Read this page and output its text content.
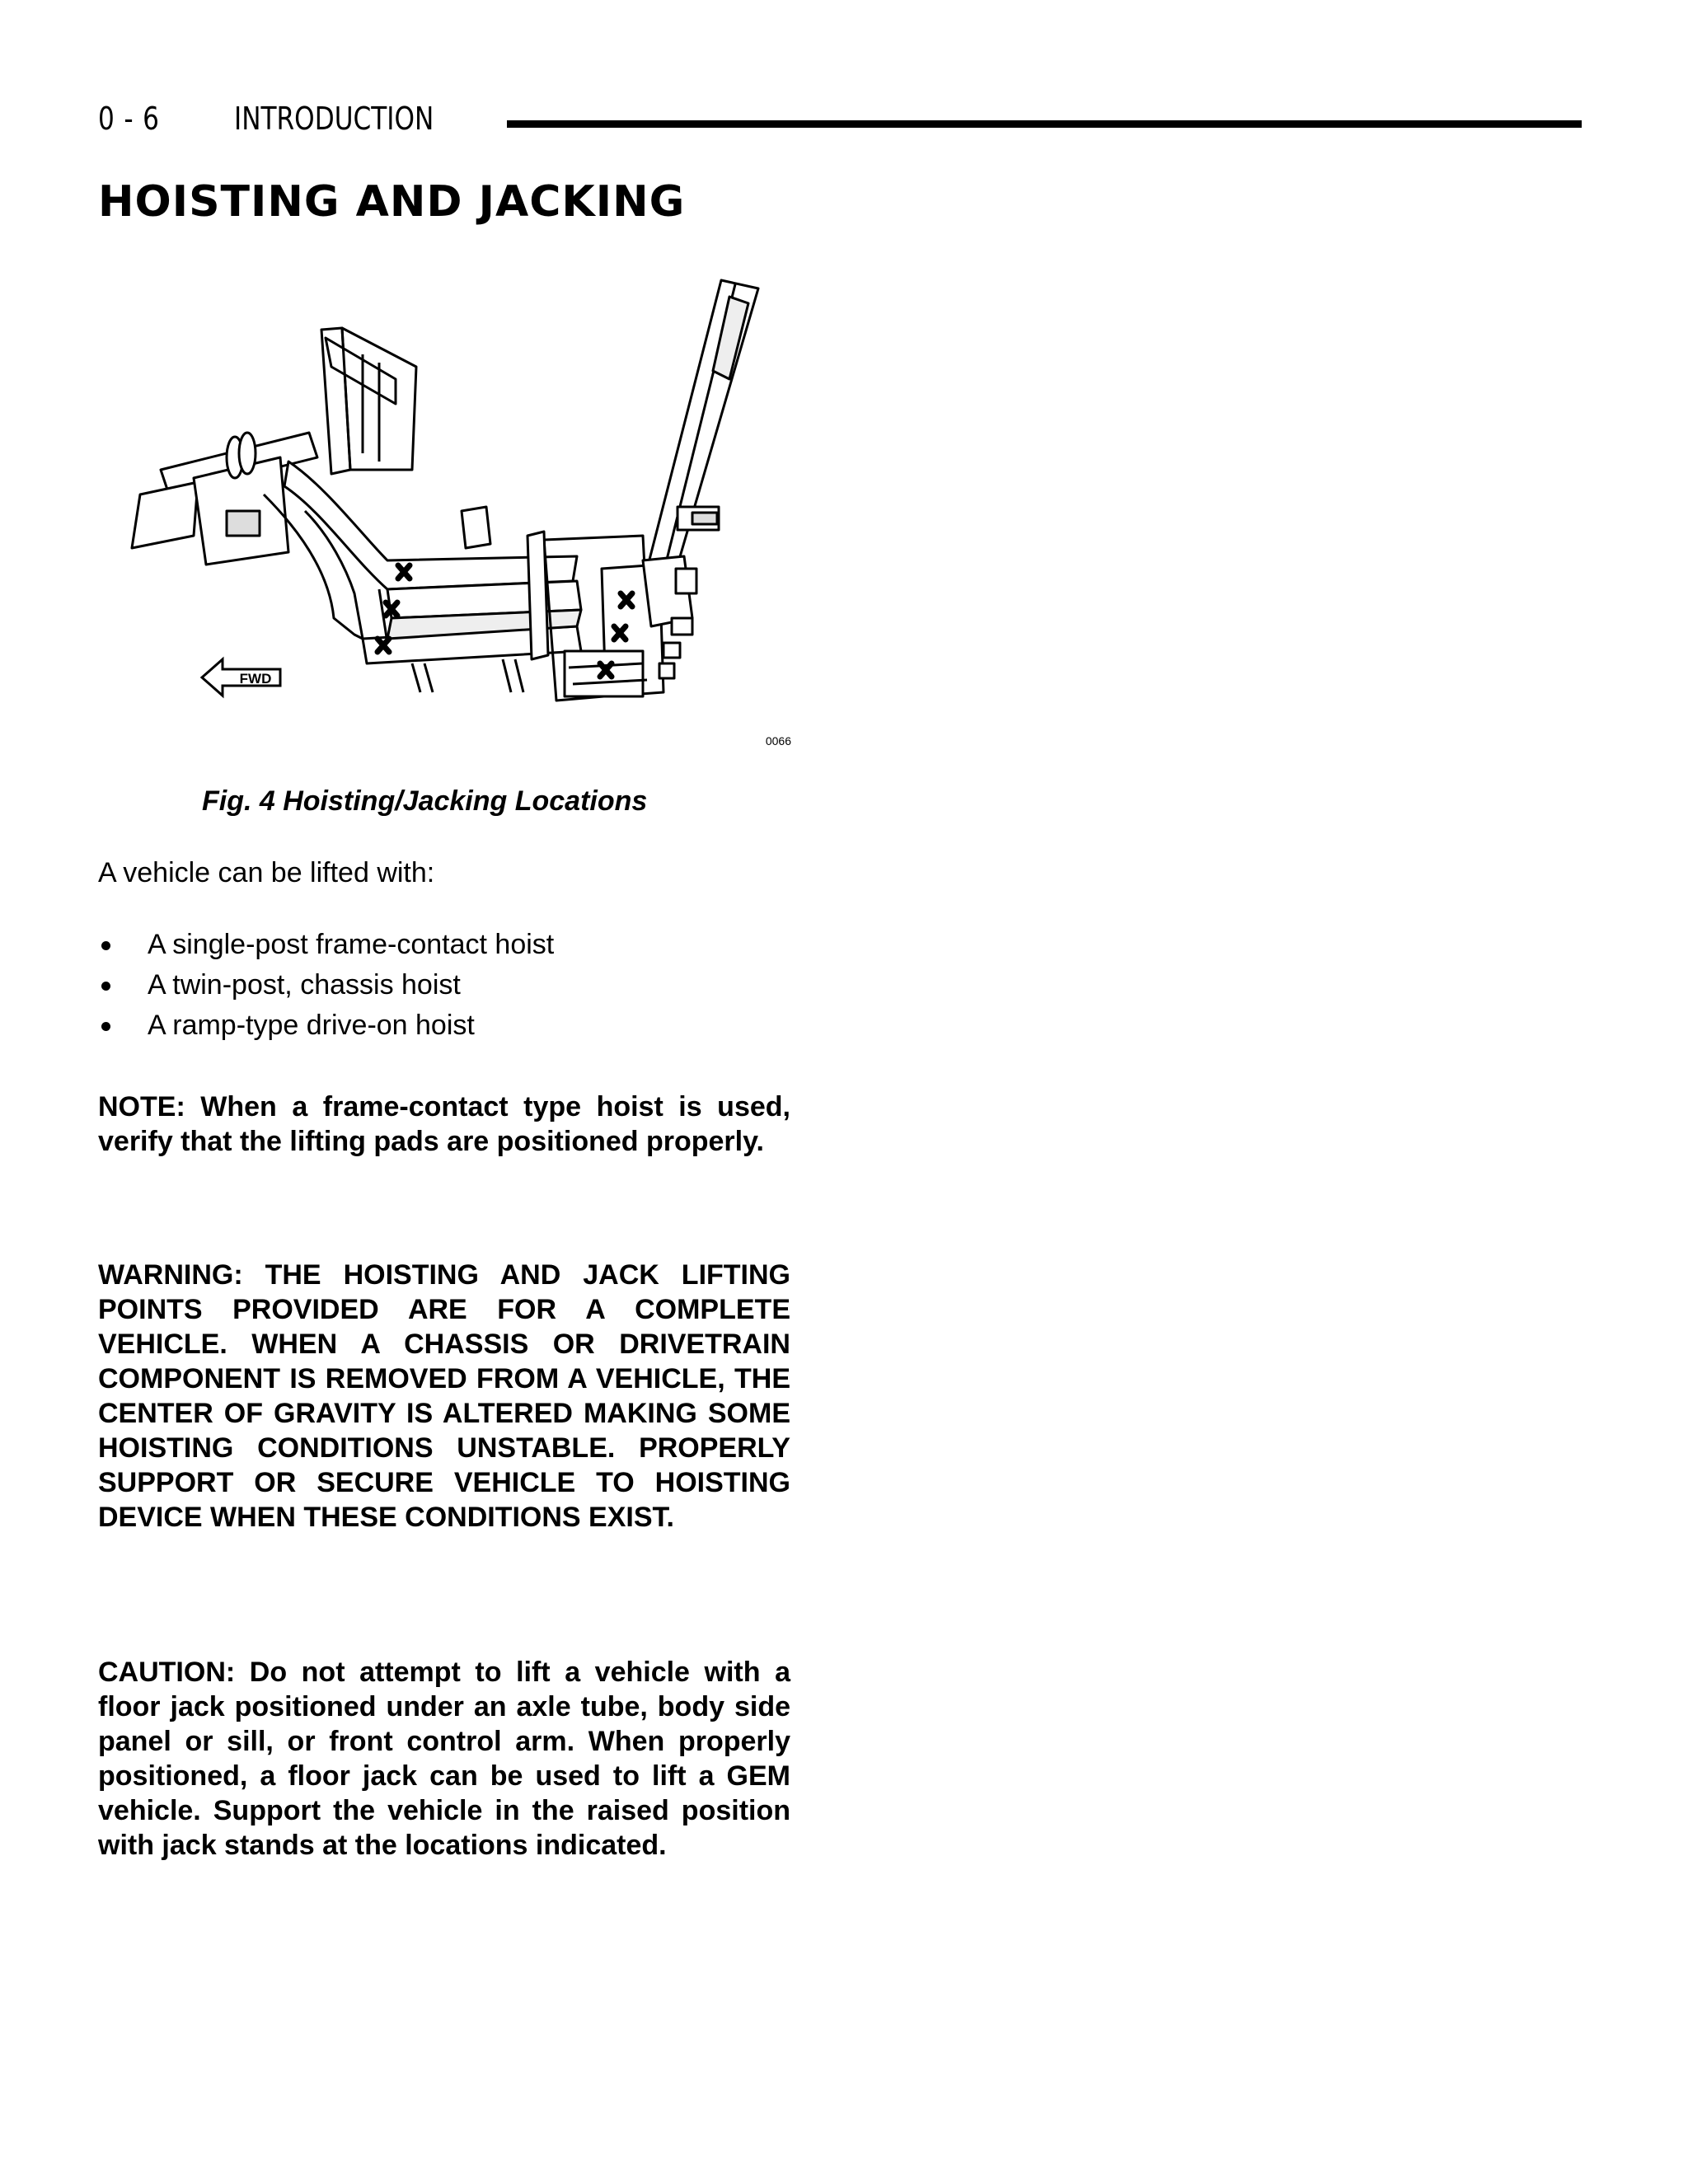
0 - 6 INTRODUCTION
HOISTING AND JACKING
FWD
0066
Fig. 4 Hoisting/Jacking Locations
A vehicle can be lifted with:
A single-post frame-contact hoist
A twin-post, chassis hoist
A ramp-type drive-on hoist

NOTE: When a frame-contact type hoist is used, verify that the lifting pads are positioned properly.

WARNING: THE HOISTING AND JACK LIFTING POINTS PROVIDED ARE FOR A COMPLETE VEHICLE. WHEN A CHASSIS OR DRIVETRAIN COMPONENT IS REMOVED FROM A VEHICLE, THE CENTER OF GRAVITY IS ALTERED MAKING SOME HOISTING CONDITIONS UNSTABLE. PROPERLY SUPPORT OR SECURE VEHICLE TO HOISTING DEVICE WHEN THESE CONDITIONS EXIST.

CAUTION: Do not attempt to lift a vehicle with a floor jack positioned under an axle tube, body side panel or sill, or front control arm. When properly positioned, a floor jack can be used to lift a GEM vehicle. Support the vehicle in the raised position with jack stands at the locations indicated.
